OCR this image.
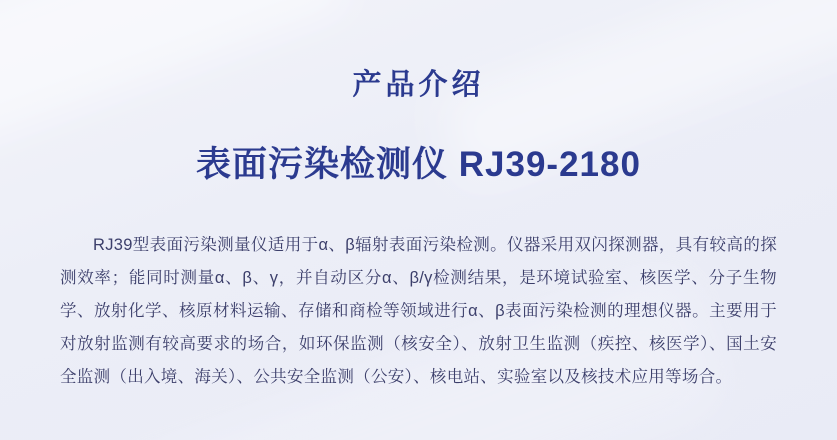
产品介绍
表面污染检测仪 RJ39-2180

RJ39型表面污染测量仪适用于α、β辐射表面污染检测。仪器采用双闪探测器，具有较高的探测效率；能同时测量α、β、γ，并自动区分α、β/γ检测结果，是环境试验室、核医学、分子生物学、放射化学、核原材料运输、存储和商检等领域进行α、β表面污染检测的理想仪器。主要用于对放射监测有较高要求的场合，如环保监测（核安全）、放射卫生监测（疾控、核医学）、国土安全监测（出入境、海关）、公共安全监测（公安）、核电站、实验室以及核技术应用等场合。
